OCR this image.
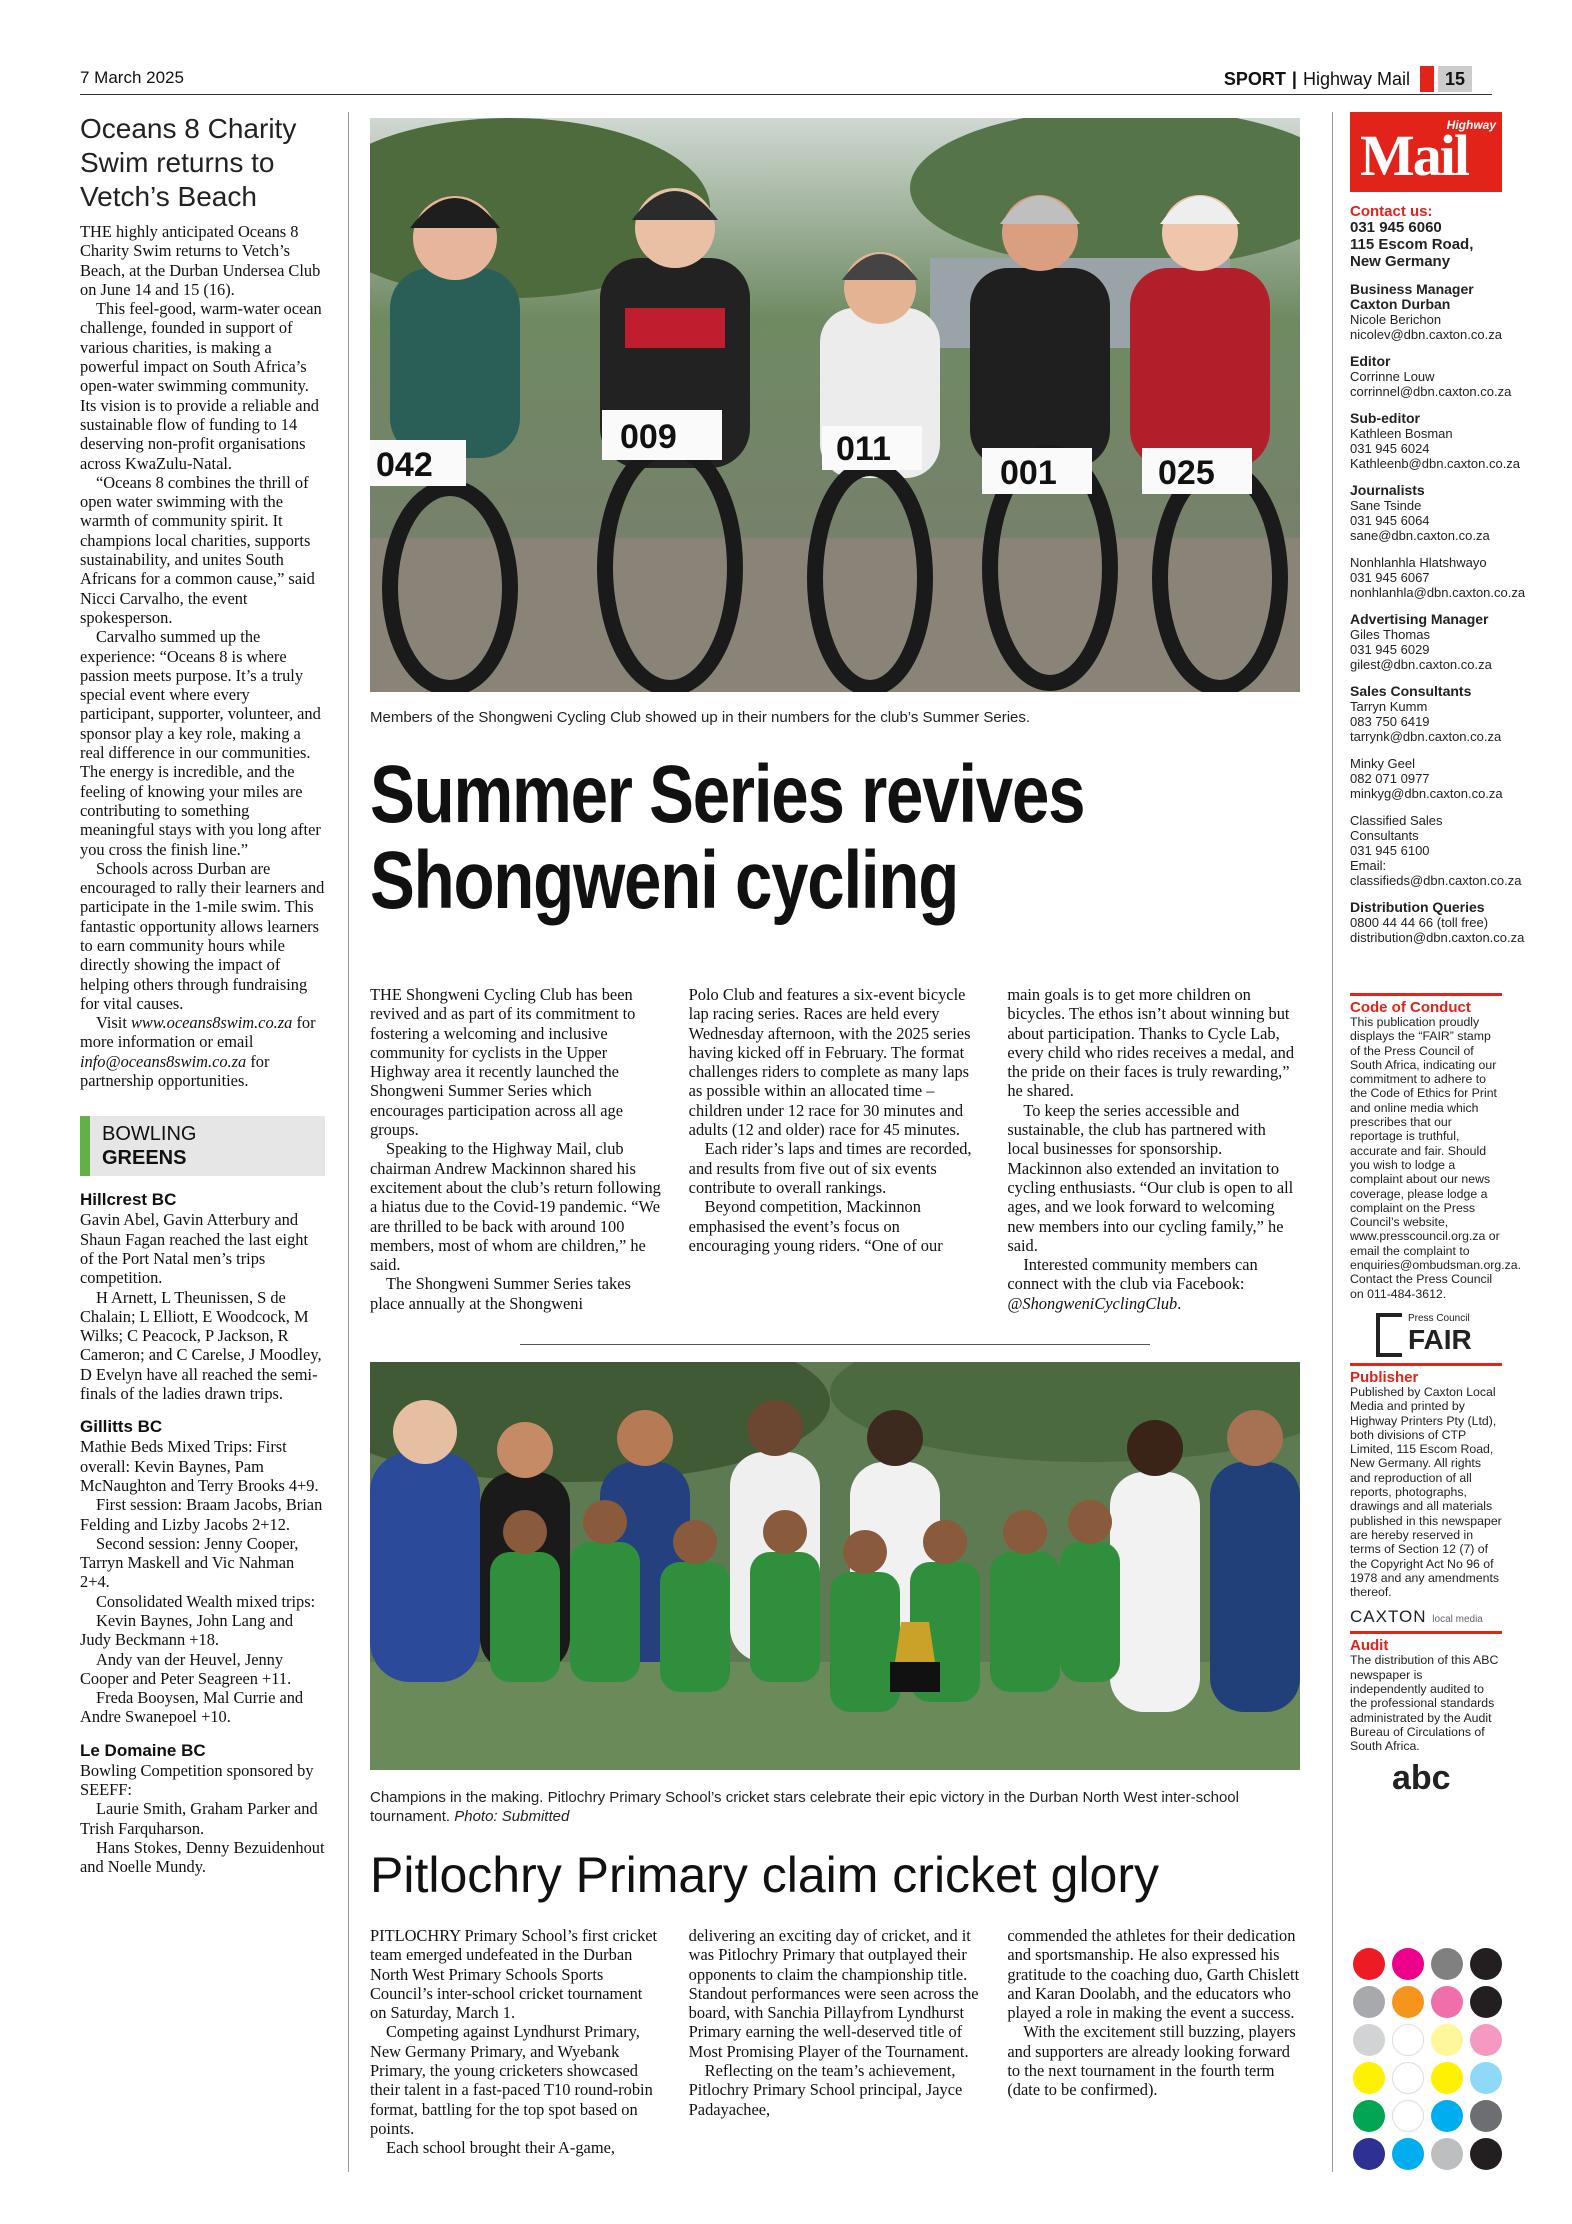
7 March 2025	SPORT | Highway Mail	15
Oceans 8 Charity Swim returns to Vetch’s Beach

THE highly anticipated Oceans 8 Charity Swim returns to Vetch’s Beach, at the Durban Undersea Club on June 14 and 15 (16).

This feel-good, warm-water ocean challenge, founded in support of various charities, is making a powerful impact on South Africa’s open-water swimming community. Its vision is to provide a reliable and sustainable flow of funding to 14 deserving non-profit organisations across KwaZulu-Natal.

“Oceans 8 combines the thrill of open water swimming with the warmth of community spirit. It champions local charities, supports sustainability, and unites South Africans for a common cause,” said Nicci Carvalho, the event spokesperson.

Carvalho summed up the experience: “Oceans 8 is where passion meets purpose. It’s a truly special event where every participant, supporter, volunteer, and sponsor play a key role, making a real difference in our communities. The energy is incredible, and the feeling of knowing your miles are contributing to something meaningful stays with you long after you cross the finish line.”

Schools across Durban are encouraged to rally their learners and participate in the 1-mile swim. This fantastic opportunity allows learners to earn community hours while directly showing the impact of helping others through fundraising for vital causes.

Visit www.oceans8swim.co.za for more information or email info@oceans8swim.co.za for partnership opportunities.

BOWLING
GREENS
Hillcrest BC

Gavin Abel, Gavin Atterbury and Shaun Fagan reached the last eight of the Port Natal men’s trips competition.

H Arnett, L Theunissen, S de Chalain; L Elliott, E Woodcock, M Wilks; C Peacock, P Jackson, R Cameron; and C Carelse, J Moodley, D Evelyn have all reached the semi-finals of the ladies drawn trips.

Gillitts BC

Mathie Beds Mixed Trips: First overall: Kevin Baynes, Pam McNaughton and Terry Brooks 4+9.

First session: Braam Jacobs, Brian Felding and Lizby Jacobs 2+12.

Second session: Jenny Cooper, Tarryn Maskell and Vic Nahman 2+4.

Consolidated Wealth mixed trips:

Kevin Baynes, John Lang and Judy Beckmann +18.

Andy van der Heuvel, Jenny Cooper and Peter Seagreen +11.

Freda Booysen, Mal Currie and Andre Swanepoel +10.

Le Domaine BC

Bowling Competition sponsored by SEEFF:

Laurie Smith, Graham Parker and Trish Farquharson.

Hans Stokes, Denny Bezuidenhout and Noelle Mundy.

042
009	011
001	025
Members of the Shongweni Cycling Club showed up in their numbers for the club’s Summer Series.
Summer Series revives Shongweni cycling

THE Shongweni Cycling Club has been revived and as part of its commitment to fostering a welcoming and inclusive community for cyclists in the Upper Highway area it recently launched the Shongweni Summer Series which encourages participation across all age groups.

Speaking to the Highway Mail, club chairman Andrew Mackinnon shared his excitement about the club’s return following a hiatus due to the Covid-19 pandemic. “We are thrilled to be back with around 100 members, most of whom are children,” he said.

The Shongweni Summer Series takes place annually at the Shongweni

Polo Club and features a six-event bicycle lap racing series. Races are held every Wednesday afternoon, with the 2025 series having kicked off in February. The format challenges riders to complete as many laps as possible within an allocated time – children under 12 race for 30 minutes and adults (12 and older) race for 45 minutes.

Each rider’s laps and times are recorded, and results from five out of six events contribute to overall rankings.

Beyond competition, Mackinnon emphasised the event’s focus on encouraging young riders. “One of our

main goals is to get more children on bicycles. The ethos isn’t about winning but about participation. Thanks to Cycle Lab, every child who rides receives a medal, and the pride on their faces is truly rewarding,” he shared.

To keep the series accessible and sustainable, the club has partnered with local businesses for sponsorship. Mackinnon also extended an invitation to cycling enthusiasts. “Our club is open to all ages, and we look forward to welcoming new members into our cycling family,” he said.

Interested community members can connect with the club via Facebook: @ShongweniCyclingClub.

Champions in the making. Pitlochry Primary School’s cricket stars celebrate their epic victory in the Durban North West inter-school tournament. Photo: Submitted
Pitlochry Primary claim cricket glory

PITLOCHRY Primary School’s first cricket team emerged undefeated in the Durban North West Primary Schools Sports Council’s inter-school cricket tournament on Saturday, March 1.

Competing against Lyndhurst Primary, New Germany Primary, and Wyebank Primary, the young cricketers showcased their talent in a fast-paced T10 round-robin format, battling for the top spot based on points.

Each school brought their A-game,

delivering an exciting day of cricket, and it was Pitlochry Primary that outplayed their opponents to claim the championship title. Standout performances were seen across the board, with Sanchia Pillayfrom Lyndhurst Primary earning the well-deserved title of Most Promising Player of the Tournament.

Reflecting on the team’s achievement, Pitlochry Primary School principal, Jayce Padayachee,

commended the athletes for their dedication and sportsmanship. He also expressed his gratitude to the coaching duo, Garth Chislett and Karan Doolabh, and the educators who played a role in making the event a success.

With the excitement still buzzing, players and supporters are already looking forward to the next tournament in the fourth term (date to be confirmed).

Highway
Mail
Contact us:
031 945 6060
115 Escom Road,
New Germany
Business Manager Caxton Durban
Nicole Berichon
nicolev@dbn.caxton.co.za
Editor
Corrinne Louw
corrinnel@dbn.caxton.co.za
Sub-editor
Kathleen Bosman
031 945 6024
Kathleenb@dbn.caxton.co.za
Journalists
Sane Tsinde
031 945 6064
sane@dbn.caxton.co.za
Nonhlanhla Hlatshwayo
031 945 6067
nonhlanhla@dbn.caxton.co.za
Advertising Manager
Giles Thomas
031 945 6029
gilest@dbn.caxton.co.za
Sales Consultants
Tarryn Kumm
083 750 6419
tarrynk@dbn.caxton.co.za
Minky Geel
082 071 0977
minkyg@dbn.caxton.co.za
Classified Sales Consultants
031 945 6100
Email:
classifieds@dbn.caxton.co.za
Distribution Queries
0800 44 44 66 (toll free)
distribution@dbn.caxton.co.za
Code of Conduct
This publication proudly displays the “FAIR” stamp of the Press Council of South Africa, indicating our commitment to adhere to the Code of Ethics for Print and online media which prescribes that our reportage is truthful, accurate and fair. Should you wish to lodge a complaint about our news coverage, please lodge a complaint on the Press Council’s website, www.presscouncil.org.za or email the complaint to enquiries@ombudsman.org.za. Contact the Press Council on 011-484-3612.
Press Council
FAIR
Publisher
Published by Caxton Local Media and printed by Highway Printers Pty (Ltd), both divisions of CTP Limited, 115 Escom Road, New Germany. All rights and reproduction of all reports, photographs, drawings and all materials published in this newspaper are hereby reserved in terms of Section 12 (7) of the Copyright Act No 96 of 1978 and any amendments thereof.
CAXTON local media
Audit
The distribution of this ABC newspaper is independently audited to the professional standards administrated by the Audit Bureau of Circulations of South Africa.
abc
